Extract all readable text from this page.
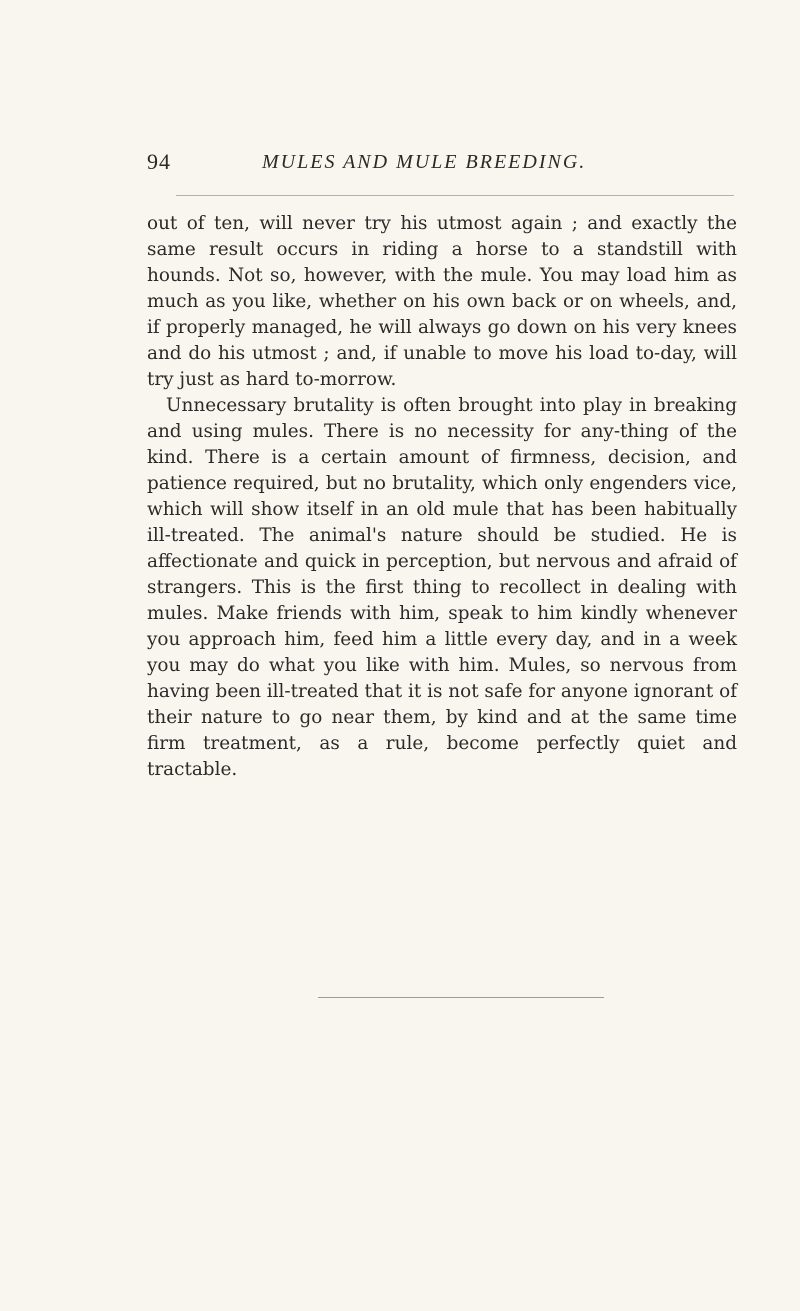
94	MULES AND MULE BREEDING.

out of ten, will never try his utmost again ; and exactly the same result occurs in riding a horse to a standstill with hounds. Not so, however, with the mule. You may load him as much as you like, whether on his own back or on wheels, and, if properly managed, he will always go down on his very knees and do his utmost ; and, if unable to move his load to-day, will try just as hard to-morrow.

Unnecessary brutality is often brought into play in breaking and using mules. There is no necessity for any-thing of the kind. There is a certain amount of firmness, decision, and patience required, but no brutality, which only engenders vice, which will show itself in an old mule that has been habitually ill-treated. The animal's nature should be studied. He is affectionate and quick in perception, but nervous and afraid of strangers. This is the first thing to recollect in dealing with mules. Make friends with him, speak to him kindly whenever you approach him, feed him a little every day, and in a week you may do what you like with him. Mules, so nervous from having been ill-treated that it is not safe for anyone ignorant of their nature to go near them, by kind and at the same time firm treatment, as a rule, become perfectly quiet and tractable.
